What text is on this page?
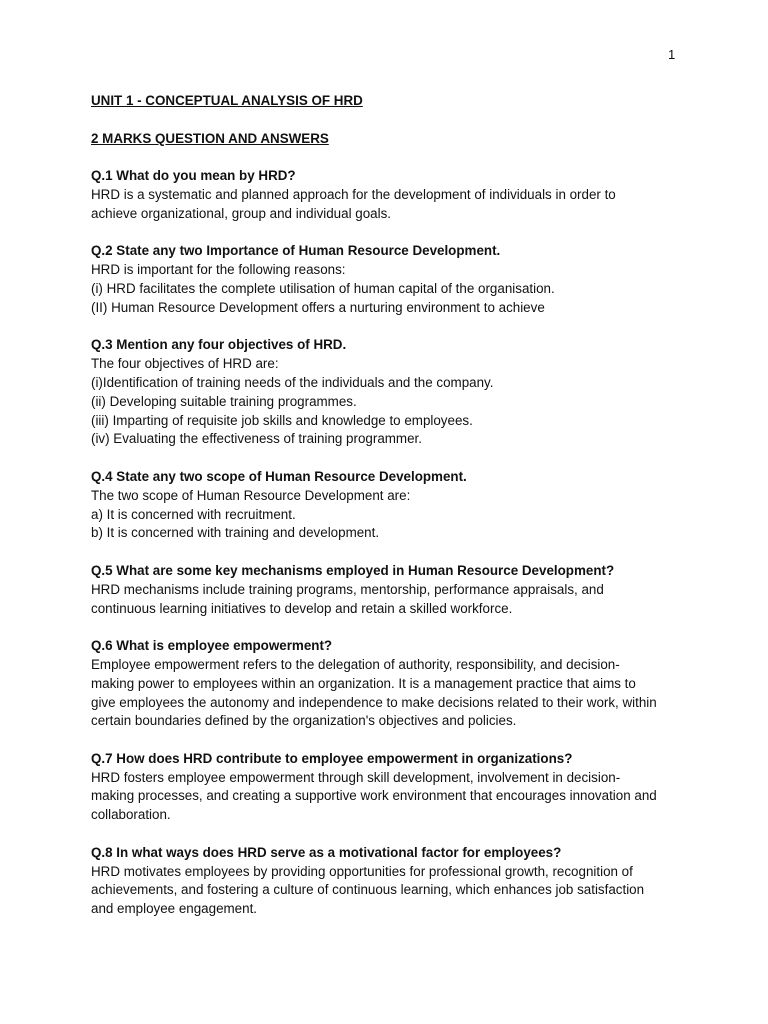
1

UNIT 1 - CONCEPTUAL ANALYSIS OF HRD

2 MARKS QUESTION AND ANSWERS

Q.1 What do you mean by HRD?

HRD is a systematic and planned approach for the development of individuals in order to

achieve organizational, group and individual goals.

Q.2 State any two Importance of Human Resource Development.

HRD is important for the following reasons:

(i) HRD facilitates the complete utilisation of human capital of the organisation.

(II) Human Resource Development offers a nurturing environment to achieve

Q.3 Mention any four objectives of HRD.

The four objectives of HRD are:

(i)Identification of training needs of the individuals and the company.

(ii) Developing suitable training programmes.

(iii) Imparting of requisite job skills and knowledge to employees.

(iv) Evaluating the effectiveness of training programmer.

Q.4 State any two scope of Human Resource Development.

The two scope of Human Resource Development are:

a) It is concerned with recruitment.

b) It is concerned with training and development.

Q.5 What are some key mechanisms employed in Human Resource Development?

HRD mechanisms include training programs, mentorship, performance appraisals, and

continuous learning initiatives to develop and retain a skilled workforce.

Q.6 What is employee empowerment?

Employee empowerment refers to the delegation of authority, responsibility, and decision-

making power to employees within an organization. It is a management practice that aims to

give employees the autonomy and independence to make decisions related to their work, within

certain boundaries defined by the organization's objectives and policies.

Q.7 How does HRD contribute to employee empowerment in organizations?

HRD fosters employee empowerment through skill development, involvement in decision-

making processes, and creating a supportive work environment that encourages innovation and

collaboration.

Q.8 In what ways does HRD serve as a motivational factor for employees?

HRD motivates employees by providing opportunities for professional growth, recognition of

achievements, and fostering a culture of continuous learning, which enhances job satisfaction

and employee engagement.
